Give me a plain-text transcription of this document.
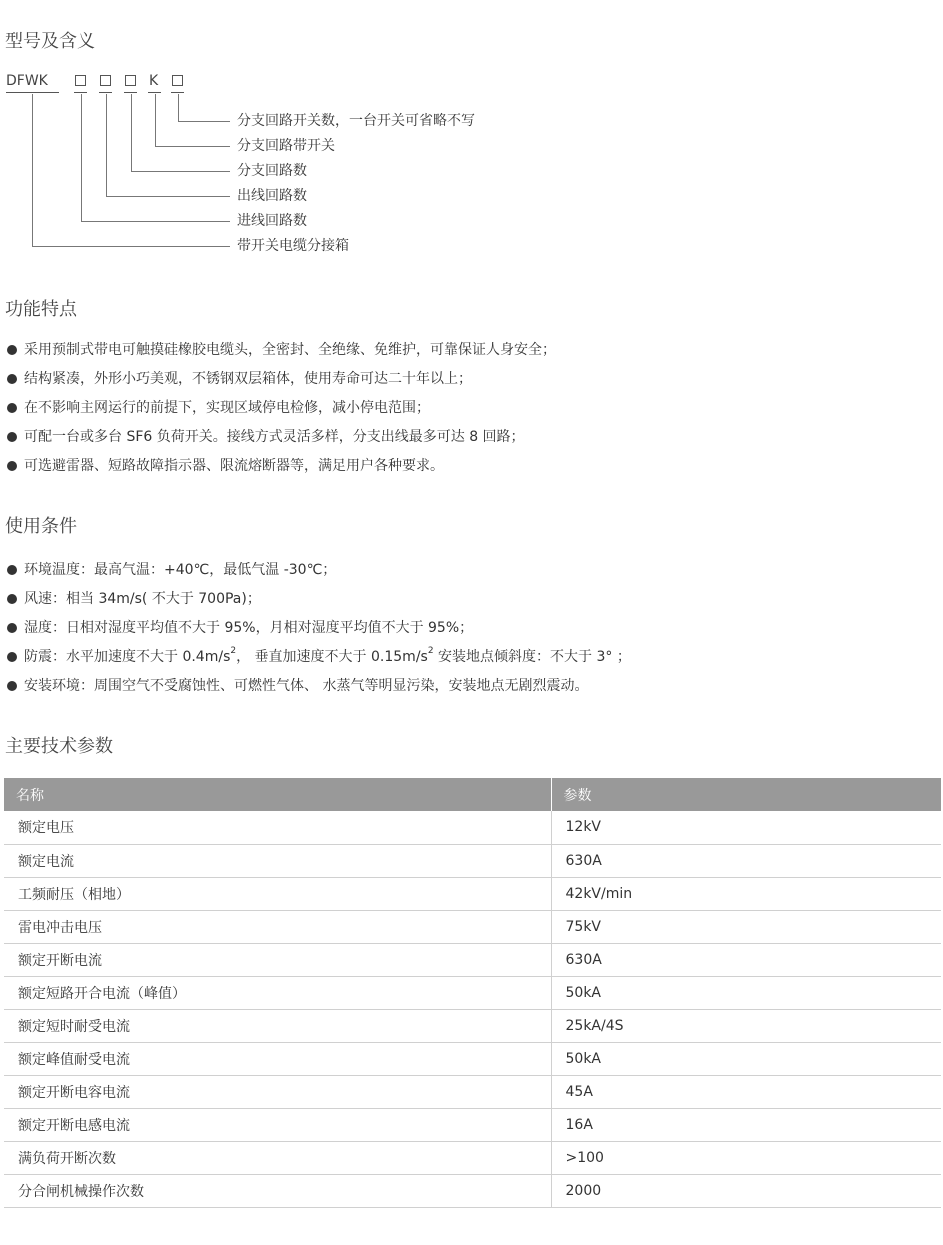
型号及含义
DFWK	K
分支回路开关数，一台开关可省略不写
分支回路带开关
分支回路数
出线回路数
进线回路数
带开关电缆分接箱
功能特点
采用预制式带电可触摸硅橡胶电缆头，全密封、全绝缘、免维护，可靠保证人身安全；
结构紧凑，外形小巧美观，不锈钢双层箱体，使用寿命可达二十年以上；
在不影响主网运行的前提下，实现区域停电检修，减小停电范围；
可配一台或多台 SF6 负荷开关。接线方式灵活多样，分支出线最多可达 8 回路；
可选避雷器、短路故障指示器、限流熔断器等，满足用户各种要求。
使用条件
环境温度：最高气温：+40℃，最低气温 -30℃；
风速：相当 34m/s( 不大于 700Pa)；
湿度：日相对湿度平均值不大于 95%，月相对湿度平均值不大于 95%；
防震：水平加速度不大于 $0.4m/s^2$， 垂直加速度不大于 $0.15m/s^2$ 安装地点倾斜度：不大于 3° ；
安装环境：周围空气不受腐蚀性、可燃性气体、 水蒸气等明显污染，安装地点无剧烈震动。
主要技术参数
名称	参数
额定电压	12kV
额定电流	630A
工频耐压（相地）	42kV/min
雷电冲击电压	75kV
额定开断电流	630A
额定短路开合电流（峰值）	50kA
额定短时耐受电流	25kA/4S
额定峰值耐受电流	50kA
额定开断电容电流	45A
额定开断电感电流	16A
满负荷开断次数	>100
分合闸机械操作次数	2000
